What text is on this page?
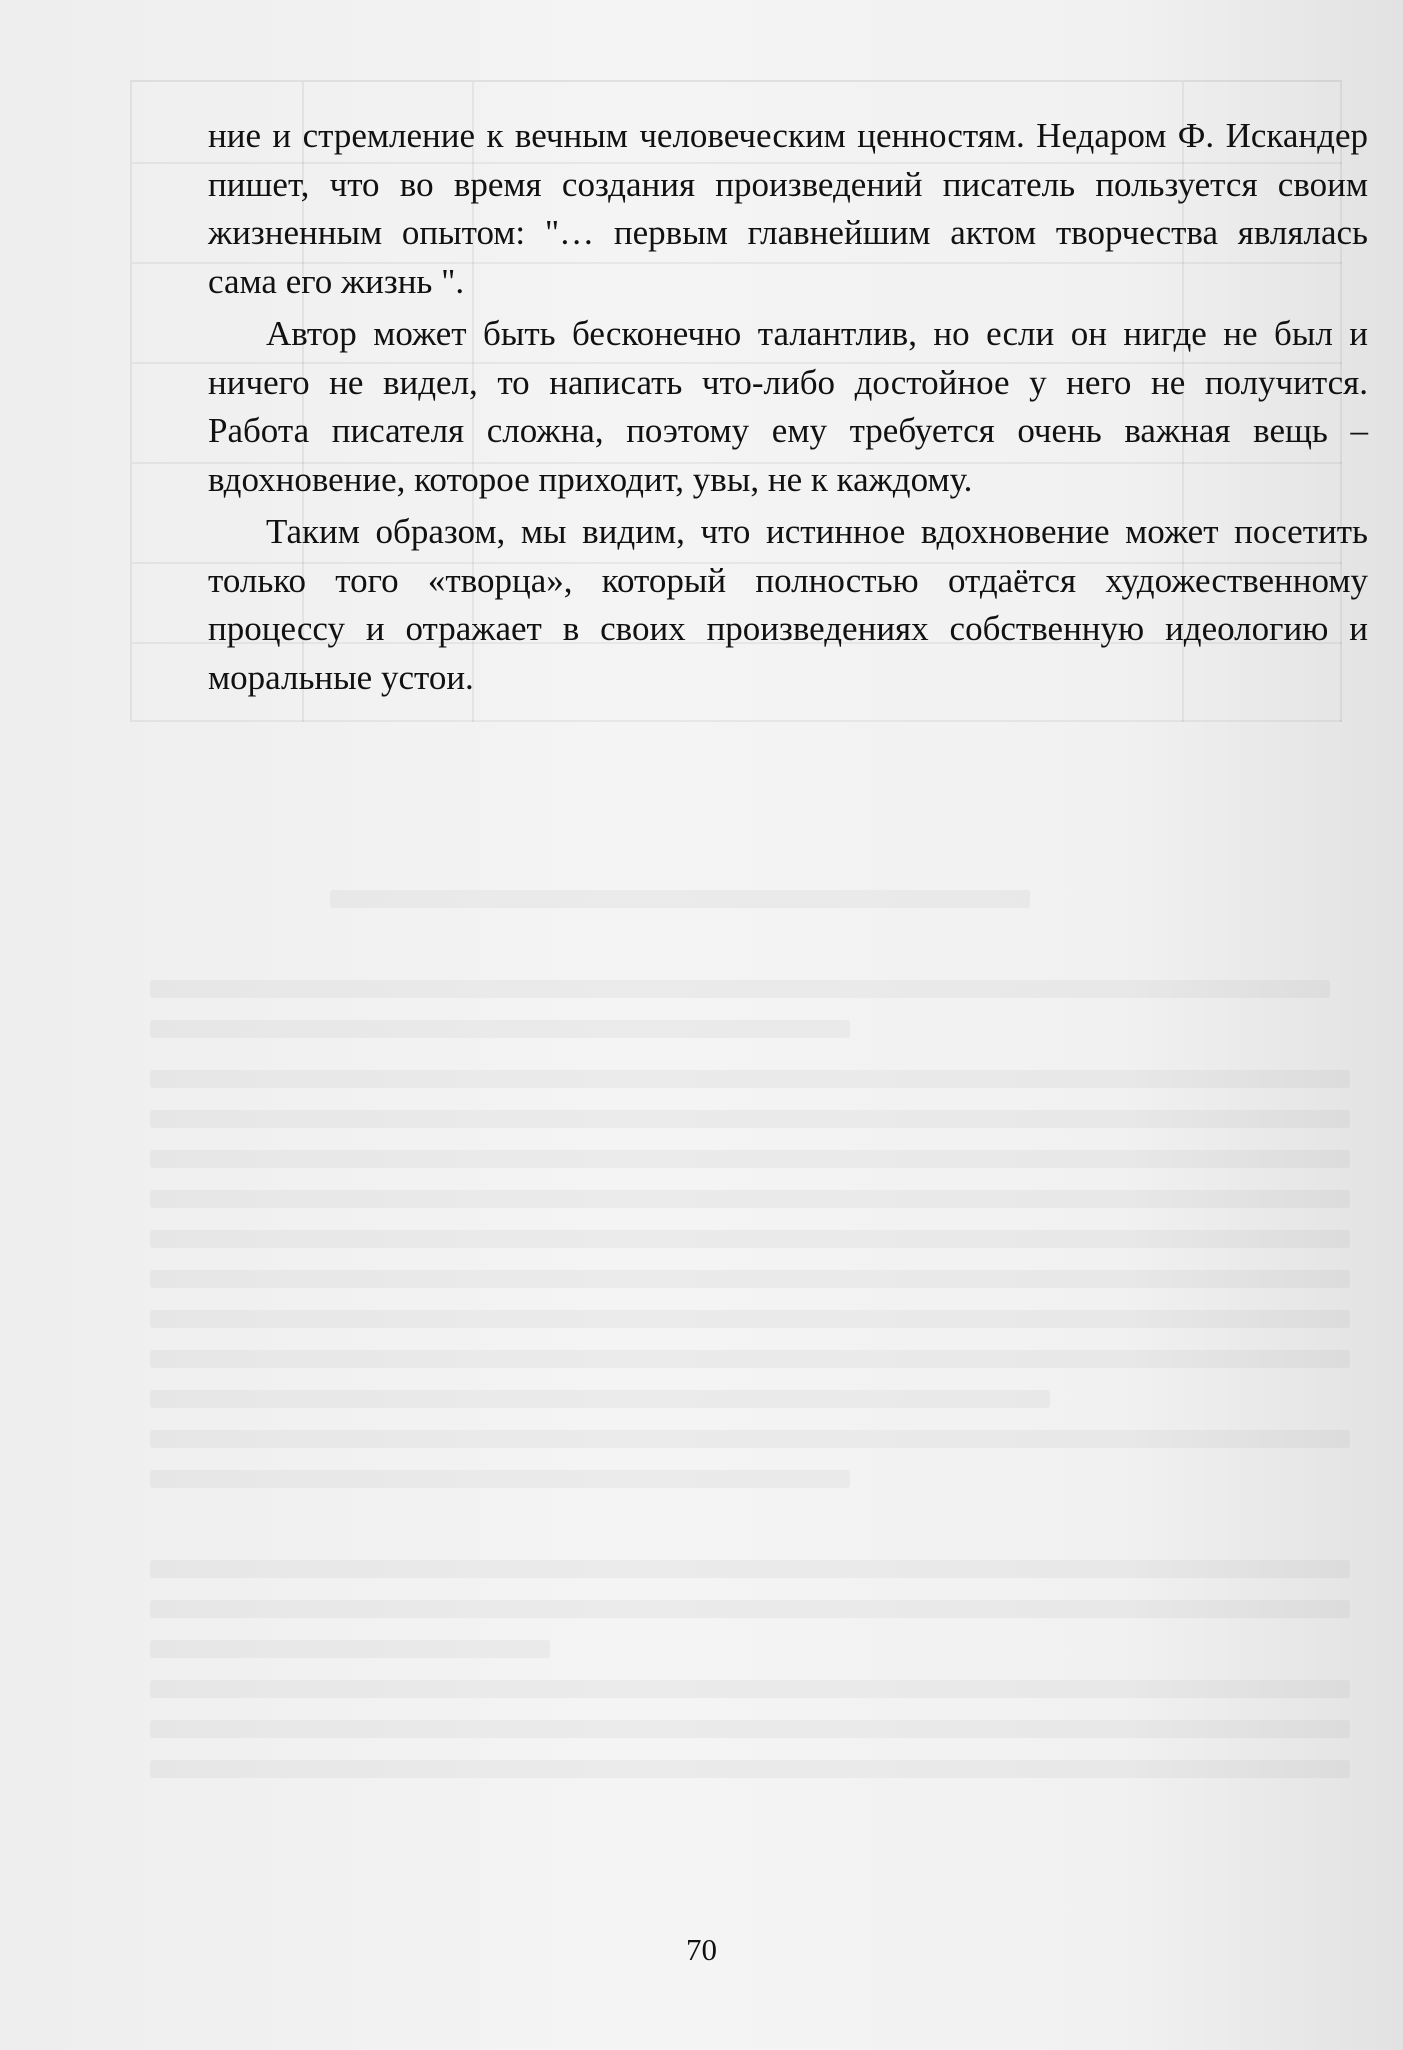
ние и стремление к вечным человеческим ценностям. Недаром Ф. Искандер пишет, что во время создания произведений писатель пользуется своим жизненным опытом: "… первым главнейшим актом творчества являлась сама его жизнь ".

Автор может быть бесконечно талантлив, но если он нигде не был и ничего не видел, то написать что-либо достойное у него не получится. Работа писателя сложна, поэтому ему требуется очень важная вещь – вдохновение, которое приходит, увы, не к каждому.

Таким образом, мы видим, что истинное вдохновение может посетить только того «творца», который полностью отдаётся художественному процессу и отражает в своих произведениях собственную идеологию и моральные устои.

70
